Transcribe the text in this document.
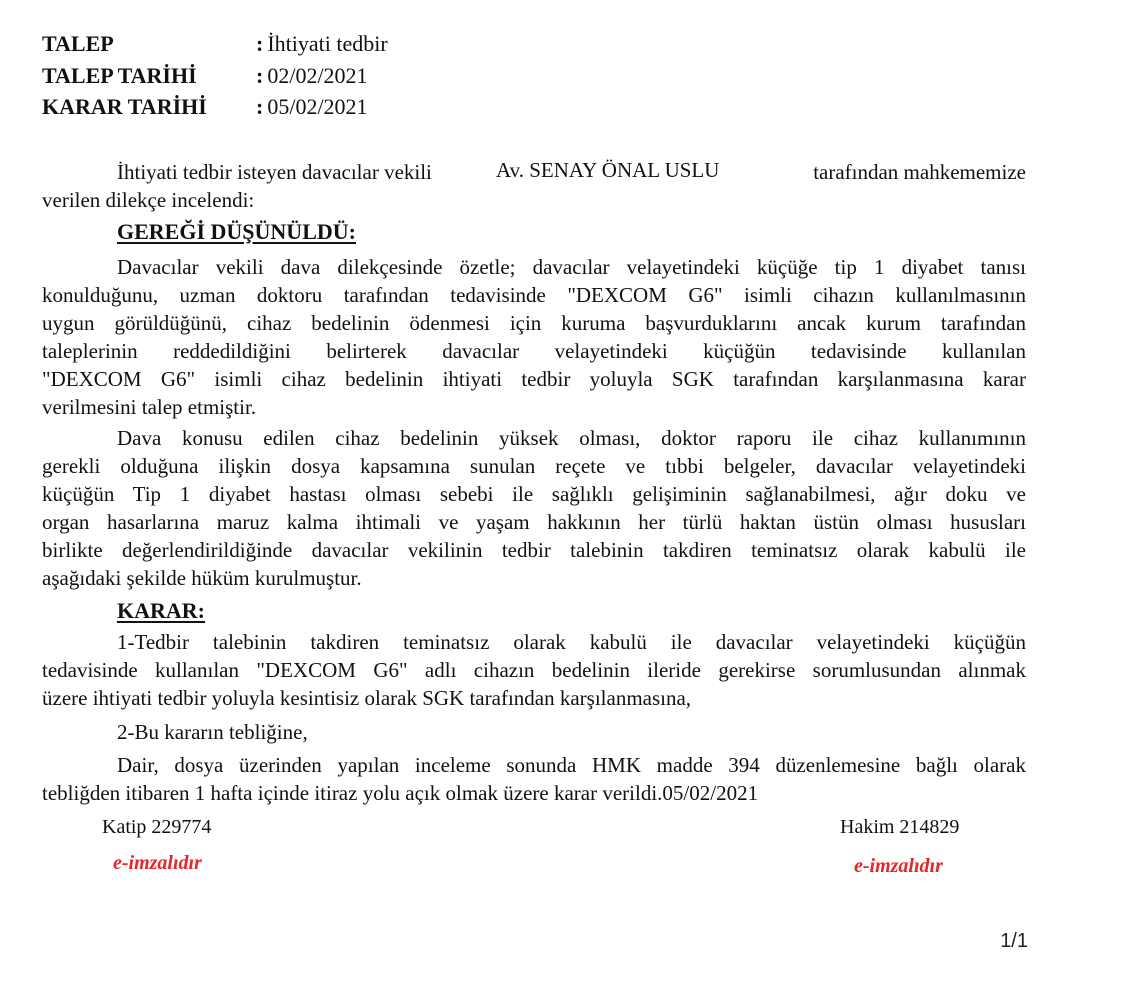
TALEP	: İhtiyati tedbir
TALEP TARİHİ	: 02/02/2021
KARAR TARİHİ : 05/02/2021
İhtiyati tedbir isteyen davacılar vekili	Av. SENAY ÖNAL USLU	tarafından mahkememize
verilen dilekçe incelendi:
GEREĞİ DÜŞÜNÜLDÜ:
Davacılar vekili dava dilekçesinde özetle; davacılar velayetindeki küçüğe tip 1 diyabet tanısı
konulduğunu, uzman doktoru tarafından tedavisinde "DEXCOM G6" isimli cihazın kullanılmasının
uygun görüldüğünü, cihaz bedelinin ödenmesi için kuruma başvurduklarını ancak kurum tarafından
taleplerinin reddedildiğini belirterek davacılar velayetindeki küçüğün tedavisinde kullanılan
"DEXCOM G6" isimli cihaz bedelinin ihtiyati tedbir yoluyla SGK tarafından karşılanmasına karar
verilmesini talep etmiştir.
Dava konusu edilen cihaz bedelinin yüksek olması, doktor raporu ile cihaz kullanımının
gerekli olduğuna ilişkin dosya kapsamına sunulan reçete ve tıbbi belgeler, davacılar velayetindeki
küçüğün Tip 1 diyabet hastası olması sebebi ile sağlıklı gelişiminin sağlanabilmesi, ağır doku ve
organ hasarlarına maruz kalma ihtimali ve yaşam hakkının her türlü haktan üstün olması hususları
birlikte değerlendirildiğinde davacılar vekilinin tedbir talebinin takdiren teminatsız olarak kabulü ile
aşağıdaki şekilde hüküm kurulmuştur.
KARAR:
1-Tedbir talebinin takdiren teminatsız olarak kabulü ile davacılar velayetindeki küçüğün
tedavisinde kullanılan "DEXCOM G6" adlı cihazın bedelinin ileride gerekirse sorumlusundan alınmak
üzere ihtiyati tedbir yoluyla kesintisiz olarak SGK tarafından karşılanmasına,
2-Bu kararın tebliğine,
Dair, dosya üzerinden yapılan inceleme sonunda HMK madde 394 düzenlemesine bağlı olarak
tebliğden itibaren 1 hafta içinde itiraz yolu açık olmak üzere karar verildi.05/02/2021
Katip 229774
e-imzalıdır
Hakim 214829
e-imzalıdır
1/1
